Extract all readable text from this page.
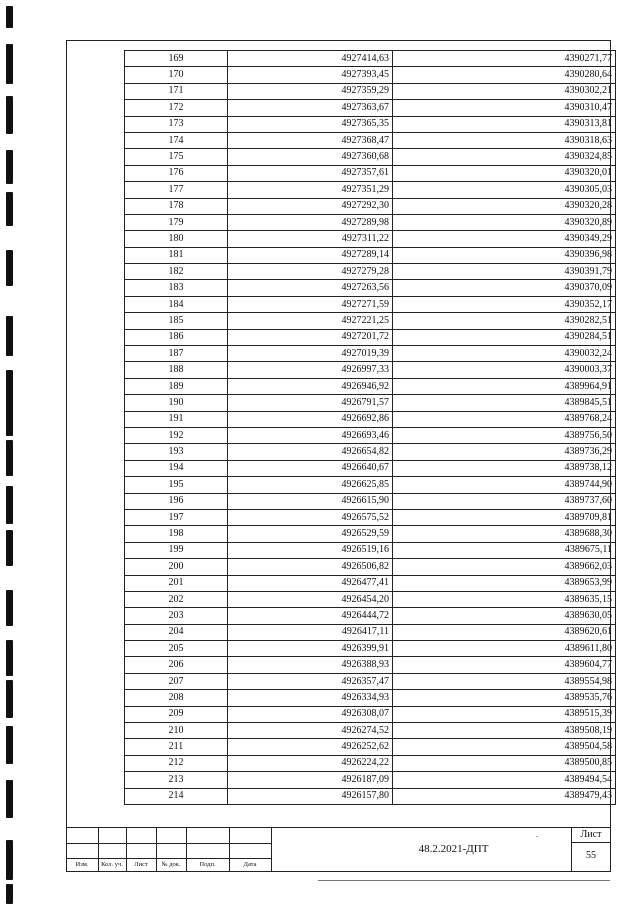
169	4927414,63	4390271,77
170	4927393,45	4390280,64
171	4927359,29	4390302,21
172	4927363,67	4390310,47
173	4927365,35	4390313,81
174	4927368,47	4390318,63
175	4927360,68	4390324,85
176	4927357,61	4390320,01
177	4927351,29	4390305,03
178	4927292,30	4390320,28
179	4927289,98	4390320,89
180	4927311,22	4390349,29
181	4927289,14	4390396,98
182	4927279,28	4390391,79
183	4927263,56	4390370,09
184	4927271,59	4390352,17
185	4927221,25	4390282,51
186	4927201,72	4390284,51
187	4927019,39	4390032,24
188	4926997,33	4390003,37
189	4926946,92	4389964,91
190	4926791,57	4389845,51
191	4926692,86	4389768,24
192	4926693,46	4389756,50
193	4926654,82	4389736,29
194	4926640,67	4389738,12
195	4926625,85	4389744,90
196	4926615,90	4389737,60
197	4926575,52	4389709,81
198	4926529,59	4389688,30
199	4926519,16	4389675,11
200	4926506,82	4389662,03
201	4926477,41	4389653,99
202	4926454,20	4389635,15
203	4926444,72	4389630,05
204	4926417,11	4389620,61
205	4926399,91	4389611,80
206	4926388,93	4389604,77
207	4926357,47	4389554,98
208	4926334,93	4389535,76
209	4926308,07	4389515,39
210	4926274,52	4389508,19
211	4926252,62	4389504,58
212	4926224,22	4389500,85
213	4926187,09	4389494,54
214	4926157,80	4389479,43
Изм.	Кол. уч.	Лист	№ док.	Подп.	Дата
.
48.2.2021-ДПТ
Лист
55
